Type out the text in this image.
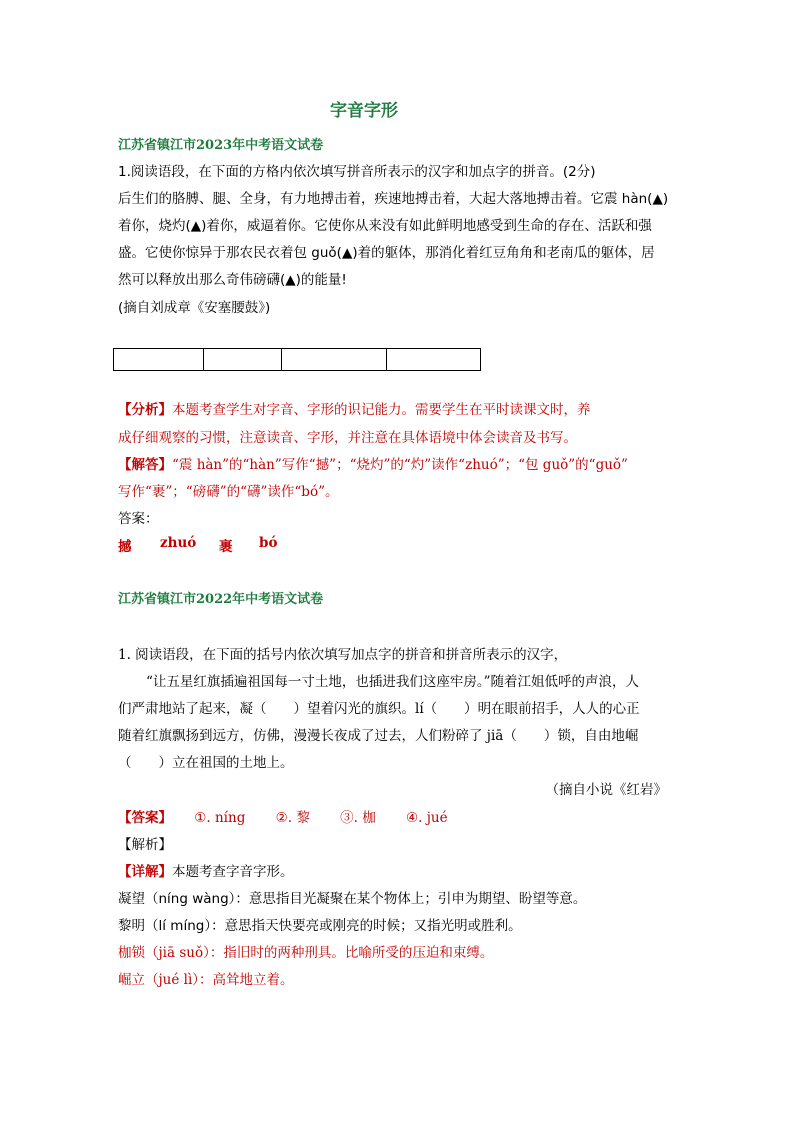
字音字形
江苏省镇江市2023年中考语文试卷
1.阅读语段，在下面的方格内依次填写拼音所表示的汉字和加点字的拼音。(2分)
后生们的胳膊、腿、全身，有力地搏击着，疾速地搏击着，大起大落地搏击着。它震 hàn(▲)
着你，烧灼(▲)着你，威逼着你。它使你从来没有如此鲜明地感受到生命的存在、活跃和强
盛。它使你惊异于那农民衣着包 guǒ(▲)着的躯体，那消化着红豆角角和老南瓜的躯体，居
然可以释放出那么奇伟磅礴(▲)的能量!
(摘自刘成章《安塞腰鼓》)
【分析】本题考查学生对字音、字形的识记能力。需要学生在平时读课文时，养
成仔细观察的习惯，注意读音、字形，并注意在具体语境中体会读音及书写。
【解答】“震 hàn”的“hàn”写作“撼”；“烧灼”的“灼”读作“zhuó”；“包 guǒ”的“guǒ”
写作“裹”；“磅礴”的“礴”读作“bó”。
答案：
撼 zhuó 裹 bó
江苏省镇江市2022年中考语文试卷
1. 阅读语段，在下面的括号内依次填写加点字的拼音和拼音所表示的汉字，
“让五星红旗插遍祖国每一寸土地，也插进我们这座牢房。”随着江姐低呼的声浪，人
们严肃地站了起来，凝（　　）望着闪光的旗织。lí（　　）明在眼前招手，人人的心正
随着红旗飘扬到远方，仿佛，漫漫长夜成了过去，人们粉碎了 jiā（　　）锁，自由地崛
（　　）立在祖国的土地上。
（摘自小说《红岩》
【答案】 ①. níng ②. 黎 ③. 枷 ④. jué
【解析】
【详解】本题考查字音字形。
凝望（níng wàng）：意思指目光凝聚在某个物体上；引申为期望、盼望等意。
黎明（lí míng）：意思指天快要亮或刚亮的时候；又指光明或胜利。
枷锁（jiā suǒ）：指旧时的两种刑具。比喻所受的压迫和束缚。
崛立（jué lì）：高耸地立着。
